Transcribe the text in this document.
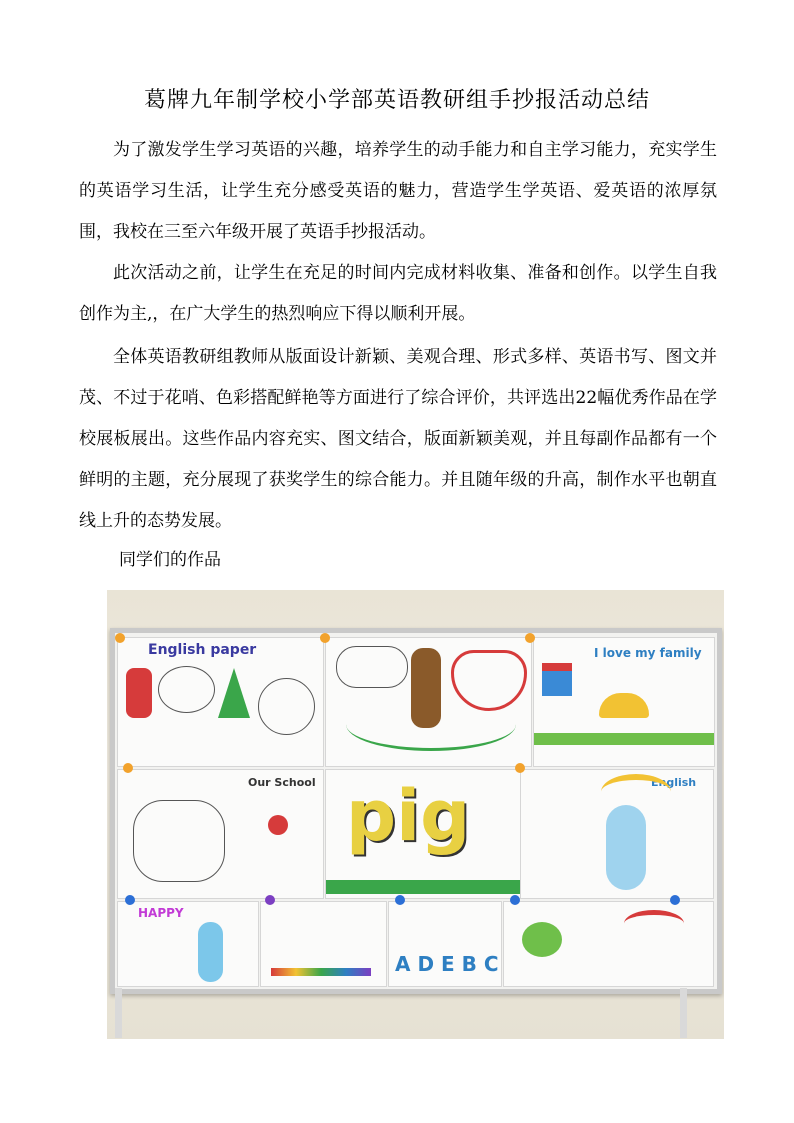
葛牌九年制学校小学部英语教研组手抄报活动总结

为了激发学生学习英语的兴趣，培养学生的动手能力和自主学习能力，充实学生的英语学习生活，让学生充分感受英语的魅力，营造学生学英语、爱英语的浓厚氛围，我校在三至六年级开展了英语手抄报活动。

此次活动之前，让学生在充足的时间内完成材料收集、准备和创作。以学生自我创作为主,，在广大学生的热烈响应下得以顺利开展。

全体英语教研组教师从版面设计新颖、美观合理、形式多样、英语书写、图文并茂、不过于花哨、色彩搭配鲜艳等方面进行了综合评价，共评选出22幅优秀作品在学校展板展出。这些作品内容充实、图文结合，版面新颖美观，并且每副作品都有一个鲜明的主题，充分展现了获奖学生的综合能力。并且随年级的升高，制作水平也朝直线上升的态势发展。

同学们的作品
English paper	I love my family
Our School pig	English
HAPPY
A D E B C
